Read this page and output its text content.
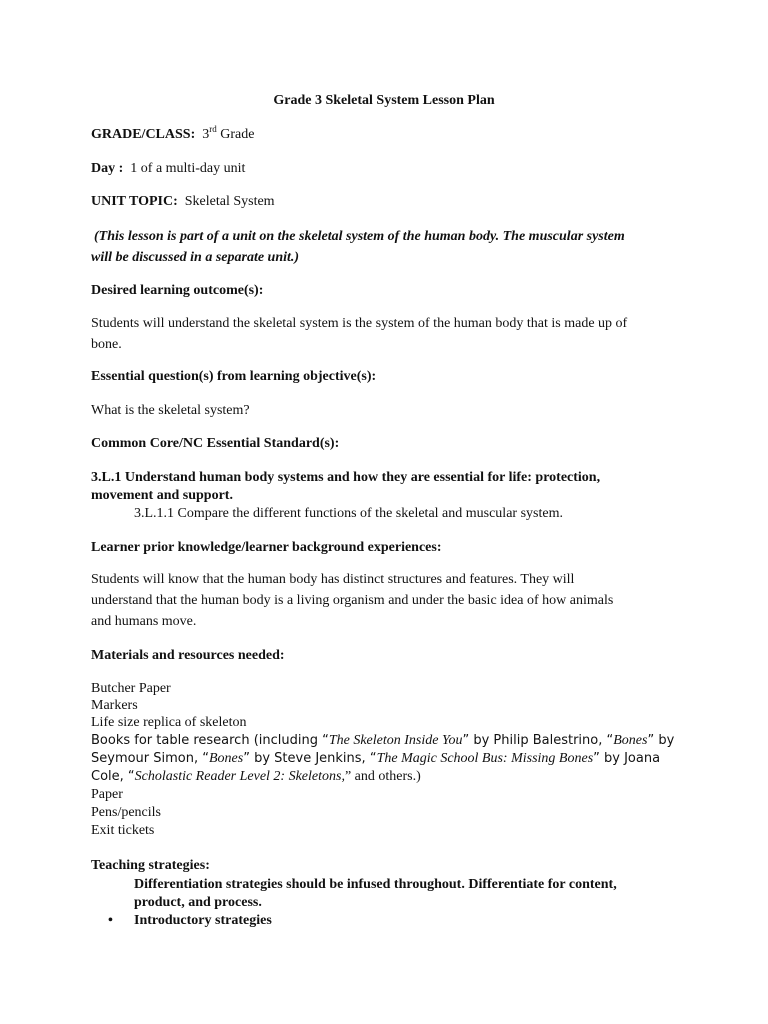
Grade 3 Skeletal System Lesson Plan
GRADE/CLASS: 3rd Grade
Day : 1 of a multi-day unit
UNIT TOPIC: Skeletal System
(This lesson is part of a unit on the skeletal system of the human body. The muscular system
will be discussed in a separate unit.)
Desired learning outcome(s):
Students will understand the skeletal system is the system of the human body that is made up of
bone.
Essential question(s) from learning objective(s):
What is the skeletal system?
Common Core/NC Essential Standard(s):
3.L.1 Understand human body systems and how they are essential for life: protection,
movement and support.
3.L.1.1 Compare the different functions of the skeletal and muscular system.
Learner prior knowledge/learner background experiences:
Students will know that the human body has distinct structures and features. They will
understand that the human body is a living organism and under the basic idea of how animals
and humans move.
Materials and resources needed:
Butcher Paper
Markers
Life size replica of skeleton
Books for table research (including “The Skeleton Inside You” by Philip Balestrino, “Bones” by
Seymour Simon, “Bones” by Steve Jenkins, “The Magic School Bus: Missing Bones” by Joana
Cole, “Scholastic Reader Level 2: Skeletons,” and others.)
Paper
Pens/pencils
Exit tickets
Teaching strategies:
Differentiation strategies should be infused throughout. Differentiate for content,
product, and process.
• Introductory strategies
